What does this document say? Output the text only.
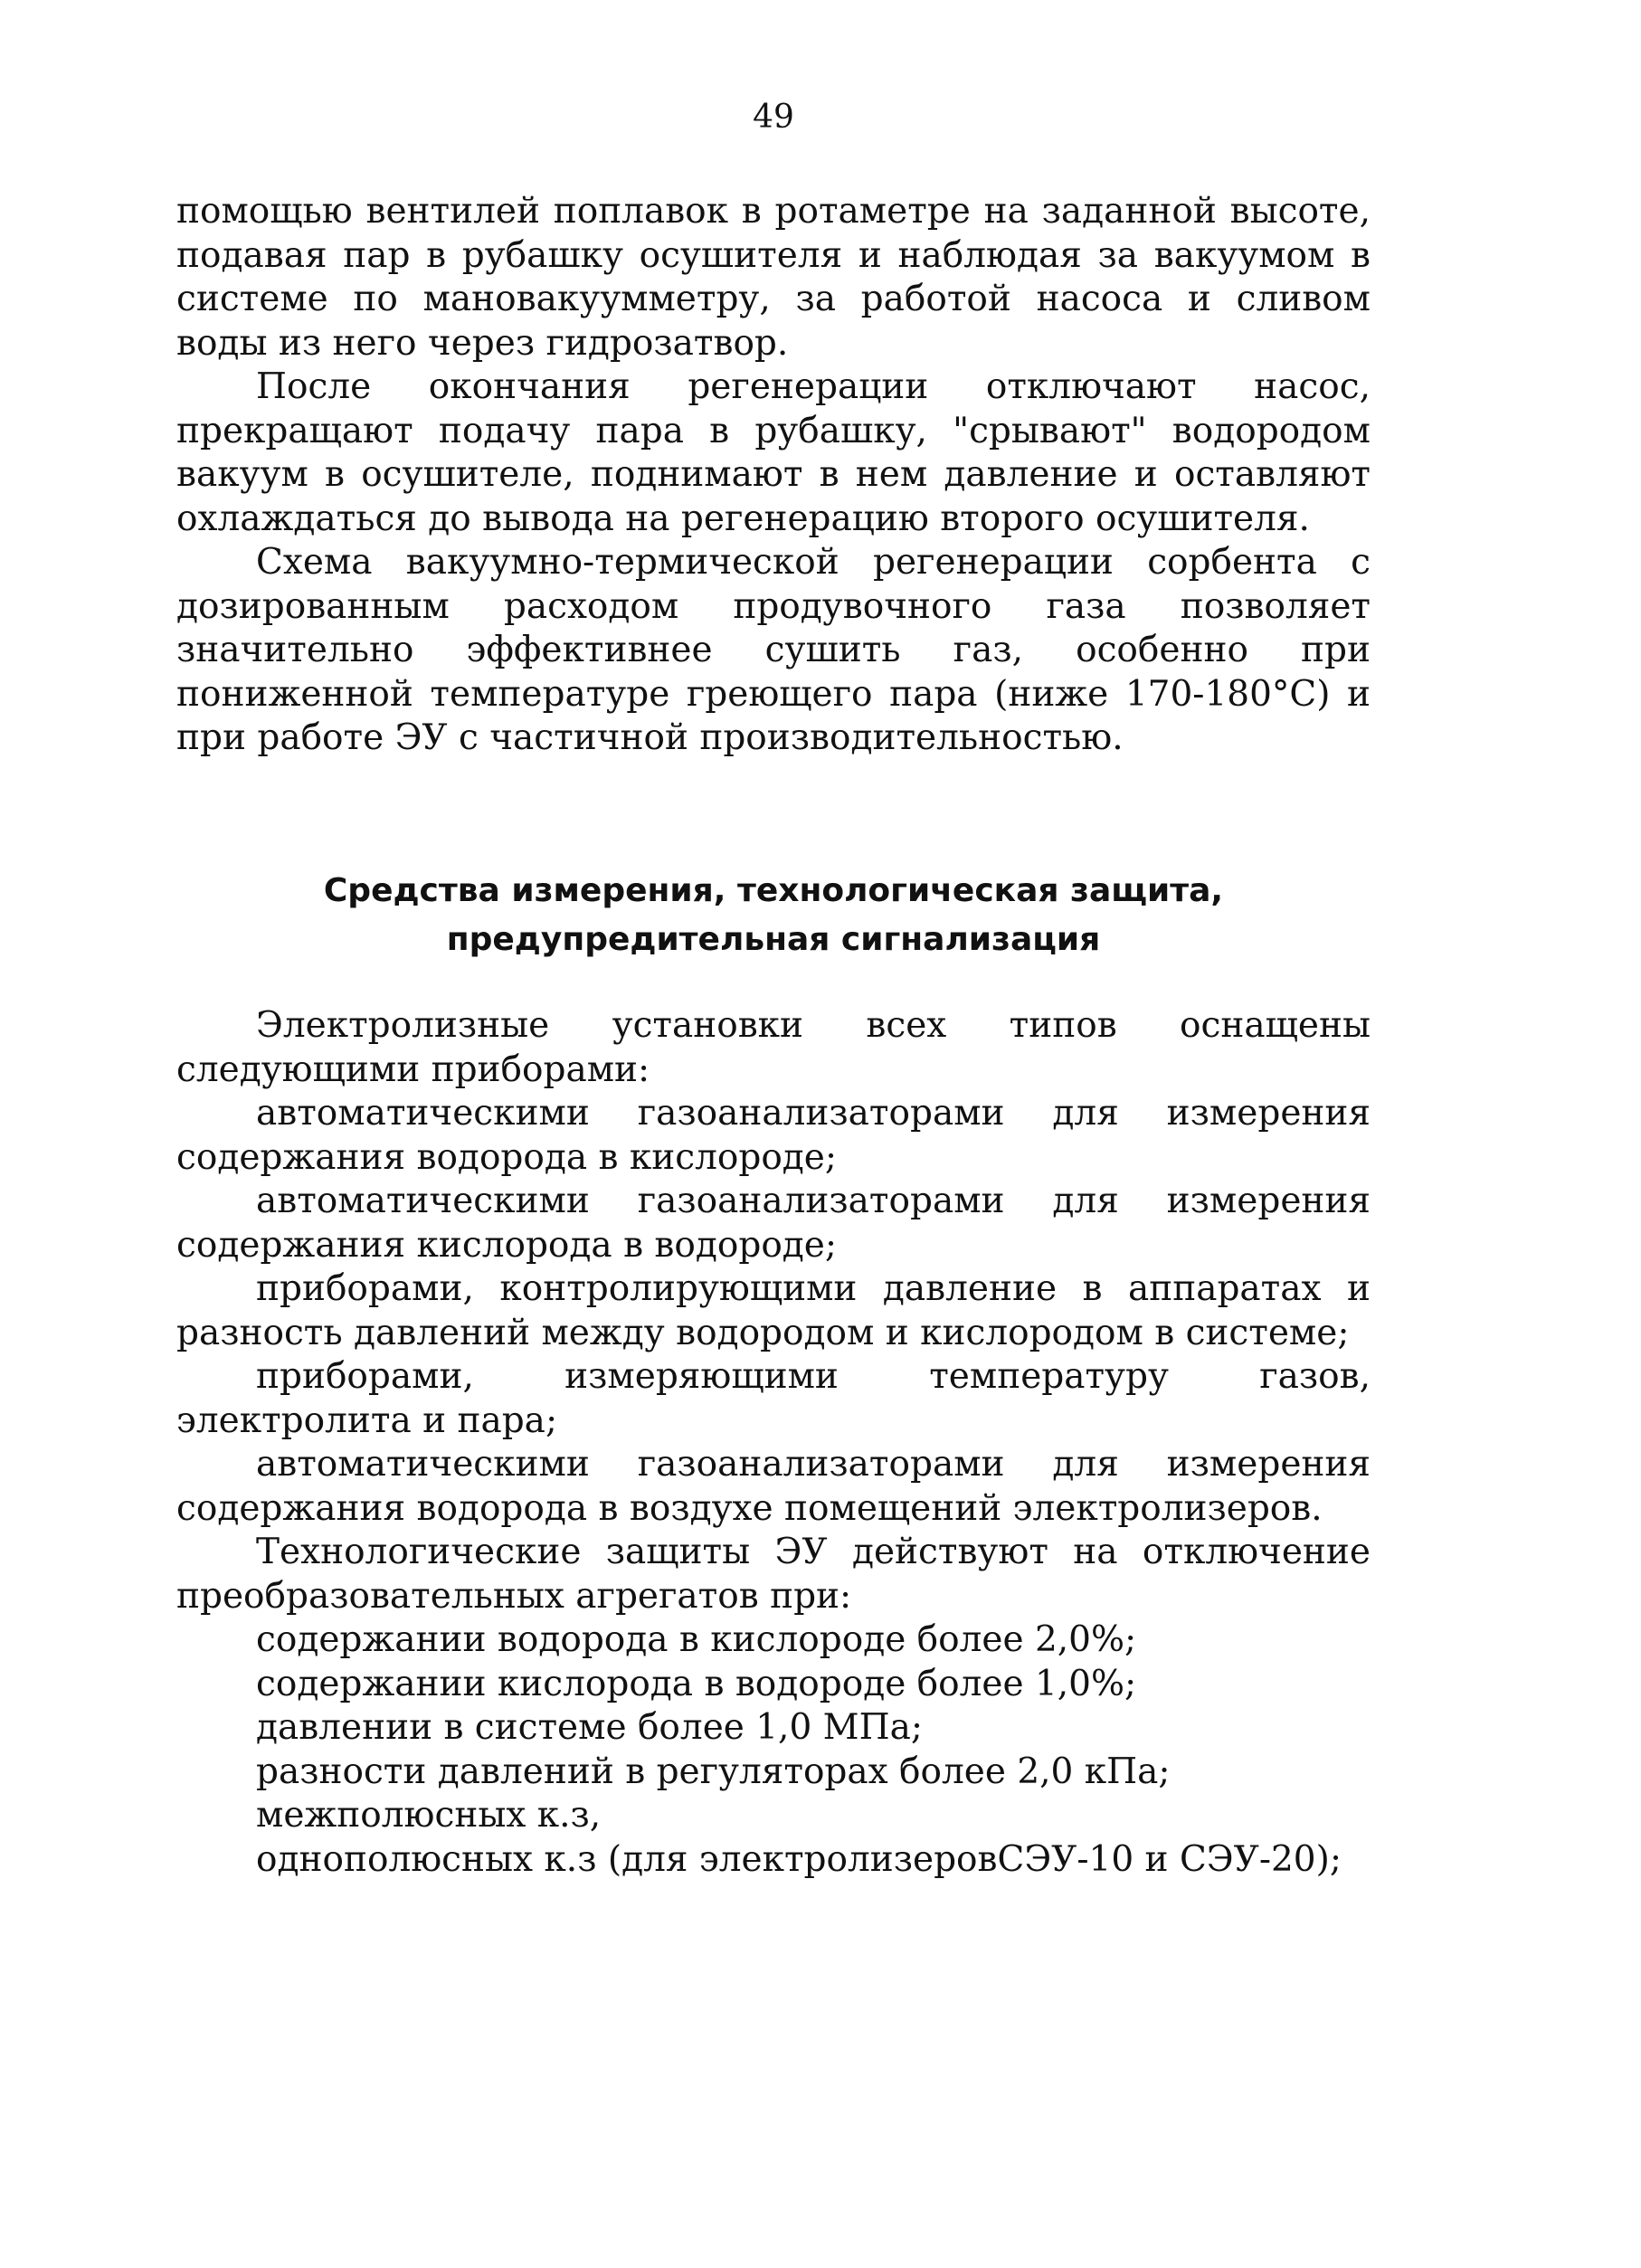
49

помощью вентилей поплавок в ротаметре на заданной высоте, подавая пар в рубашку осушителя и наблюдая за вакуумом в системе по мановакуумметру, за работой насоса и сливом воды из него через гидрозатвор.

После окончания регенерации отключают насос, прекращают подачу пара в рубашку, "срывают" водородом вакуум в осушителе, поднимают в нем давление и оставляют охлаждаться до вывода на регенерацию второго осушителя.

Схема вакуумно-термической регенерации сорбента с дозированным расходом продувочного газа позволяет значительно эффективнее сушить газ, особенно при пониженной температуре греющего пара (ниже 170-180°С) и при работе ЭУ с частичной производительностью.

Средства измерения, технологическая защита,
предупредительная сигнализация

Электролизные установки всех типов оснащены следующими приборами:

автоматическими газоанализаторами для измерения содержания водорода в кислороде;

автоматическими газоанализаторами для измерения содержания кислорода в водороде;

приборами, контролирующими давление в аппаратах и разность давлений между водородом и кислородом в системе;

приборами, измеряющими температуру газов, электролита и пара;

автоматическими газоанализаторами для измерения содержания водорода в воздухе помещений электролизеров.

Технологические защиты ЭУ действуют на отключение преобразовательных агрегатов при:

содержании водорода в кислороде более 2,0%;

содержании кислорода в водороде более 1,0%;

давлении в системе более 1,0 МПа;

разности давлений в регуляторах более 2,0 кПа;

межполюсных к.з,

однополюсных к.з (для электролизеровСЭУ-10 и СЭУ-20);
